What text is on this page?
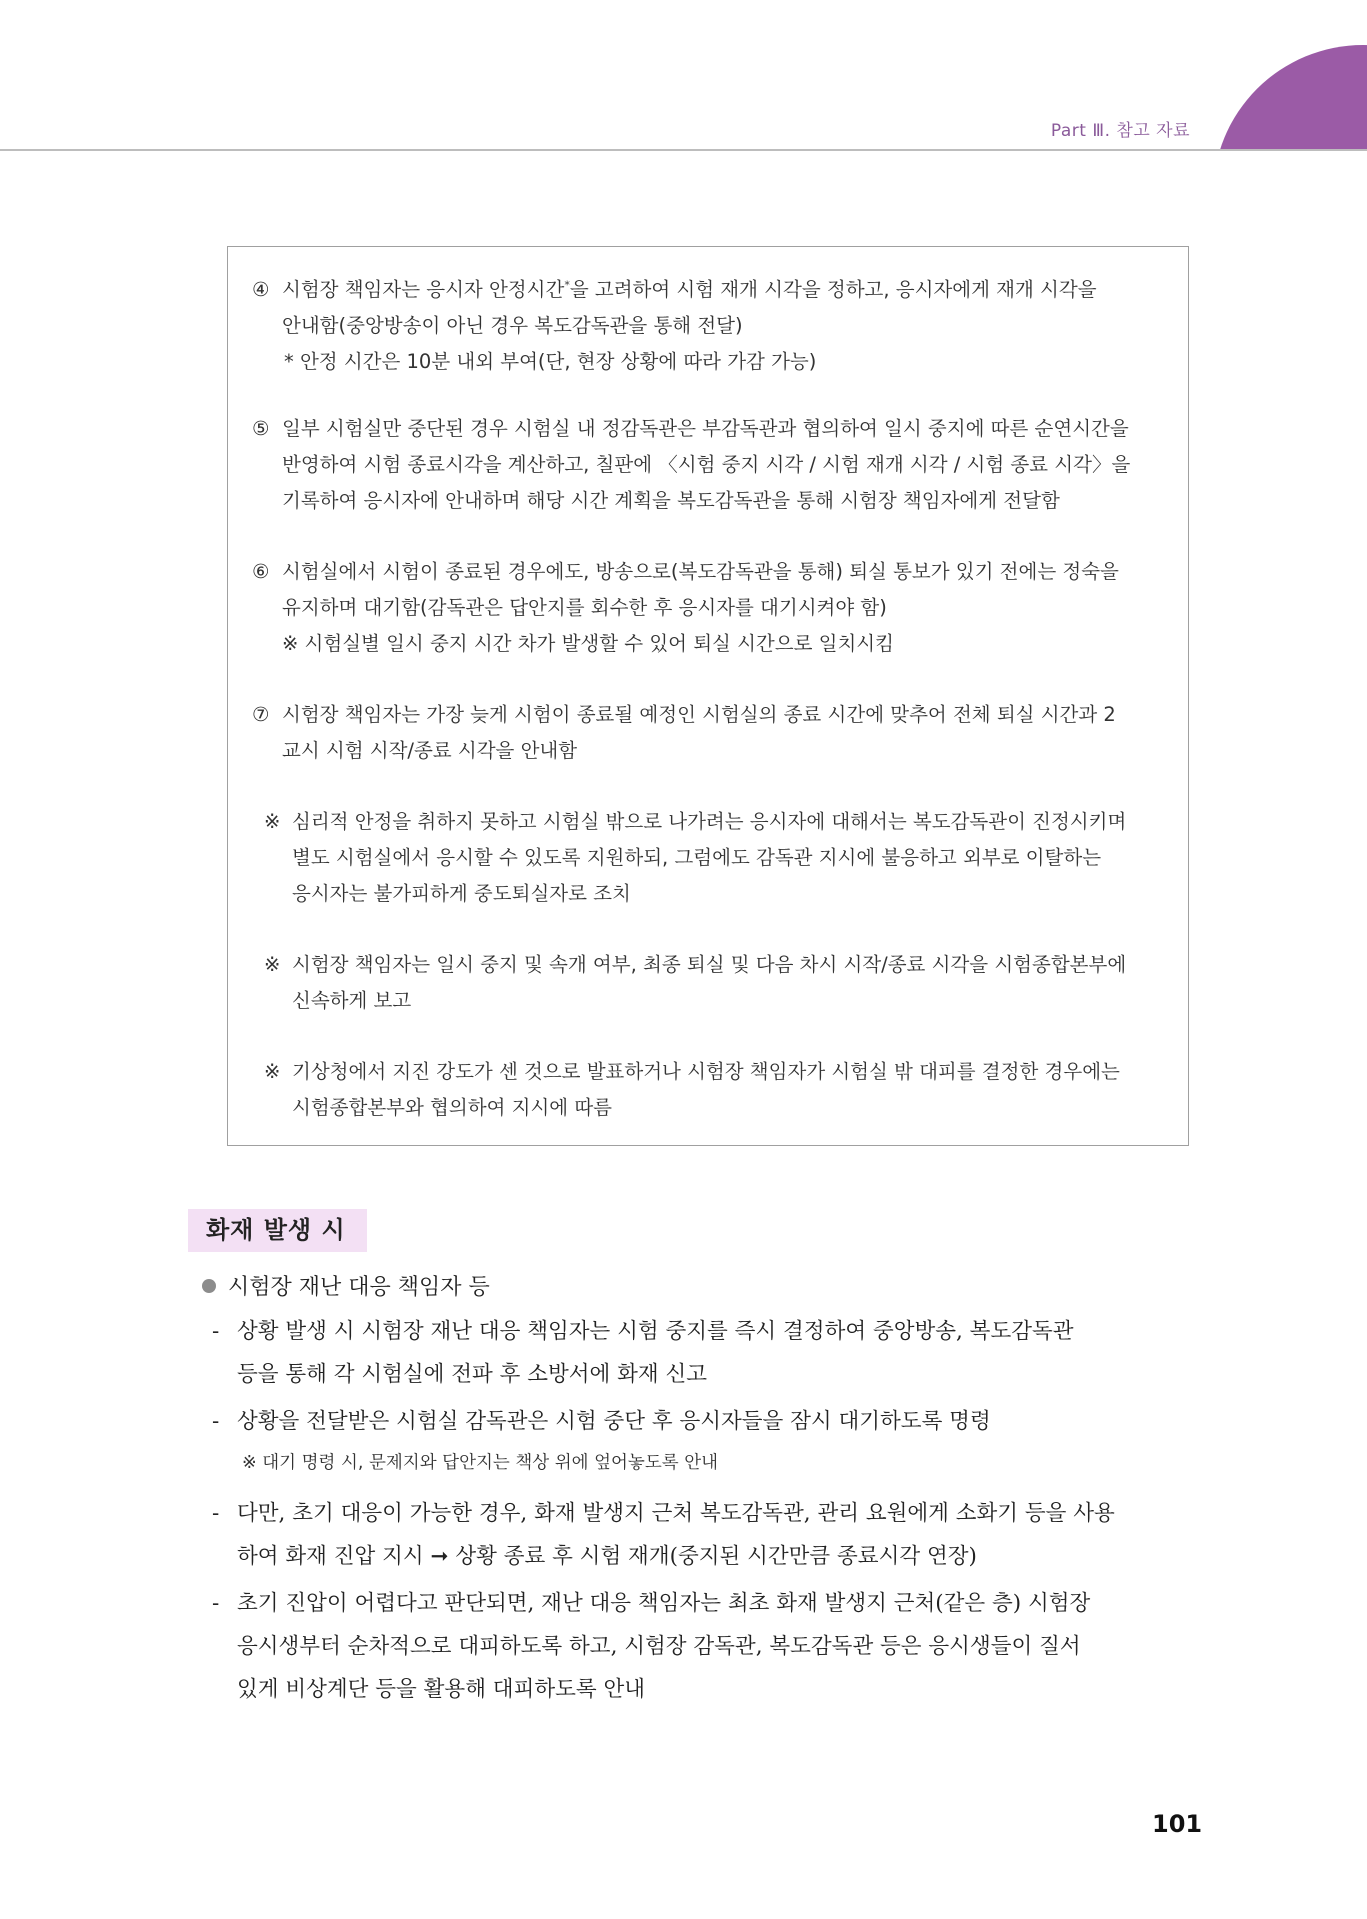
Part Ⅲ. 참고 자료
④ 시험장 책임자는 응시자 안정시간*을 고려하여 시험 재개 시각을 정하고, 응시자에게 재개 시각을
안내함(중앙방송이 아닌 경우 복도감독관을 통해 전달)
* 안정 시간은 10분 내외 부여(단, 현장 상황에 따라 가감 가능)
⑤ 일부 시험실만 중단된 경우 시험실 내 정감독관은 부감독관과 협의하여 일시 중지에 따른 순연시간을
반영하여 시험 종료시각을 계산하고, 칠판에 〈시험 중지 시각 / 시험 재개 시각 / 시험 종료 시각〉을
기록하여 응시자에 안내하며 해당 시간 계획을 복도감독관을 통해 시험장 책임자에게 전달함
⑥ 시험실에서 시험이 종료된 경우에도, 방송으로(복도감독관을 통해) 퇴실 통보가 있기 전에는 정숙을
유지하며 대기함(감독관은 답안지를 회수한 후 응시자를 대기시켜야 함)
※ 시험실별 일시 중지 시간 차가 발생할 수 있어 퇴실 시간으로 일치시킴
⑦ 시험장 책임자는 가장 늦게 시험이 종료될 예정인 시험실의 종료 시간에 맞추어 전체 퇴실 시간과 2
교시 시험 시작/종료 시각을 안내함
※ 심리적 안정을 취하지 못하고 시험실 밖으로 나가려는 응시자에 대해서는 복도감독관이 진정시키며
별도 시험실에서 응시할 수 있도록 지원하되, 그럼에도 감독관 지시에 불응하고 외부로 이탈하는
응시자는 불가피하게 중도퇴실자로 조치
※ 시험장 책임자는 일시 중지 및 속개 여부, 최종 퇴실 및 다음 차시 시작/종료 시각을 시험종합본부에
신속하게 보고
※ 기상청에서 지진 강도가 센 것으로 발표하거나 시험장 책임자가 시험실 밖 대피를 결정한 경우에는
시험종합본부와 협의하여 지시에 따름
화재 발생 시
시험장 재난 대응 책임자 등
- 상황 발생 시 시험장 재난 대응 책임자는 시험 중지를 즉시 결정하여 중앙방송, 복도감독관
등을 통해 각 시험실에 전파 후 소방서에 화재 신고
- 상황을 전달받은 시험실 감독관은 시험 중단 후 응시자들을 잠시 대기하도록 명령
※ 대기 명령 시, 문제지와 답안지는 책상 위에 엎어놓도록 안내
- 다만, 초기 대응이 가능한 경우, 화재 발생지 근처 복도감독관, 관리 요원에게 소화기 등을 사용
하여 화재 진압 지시 ➞ 상황 종료 후 시험 재개(중지된 시간만큼 종료시각 연장)
- 초기 진압이 어렵다고 판단되면, 재난 대응 책임자는 최초 화재 발생지 근처(같은 층) 시험장
응시생부터 순차적으로 대피하도록 하고, 시험장 감독관, 복도감독관 등은 응시생들이 질서
있게 비상계단 등을 활용해 대피하도록 안내
101
